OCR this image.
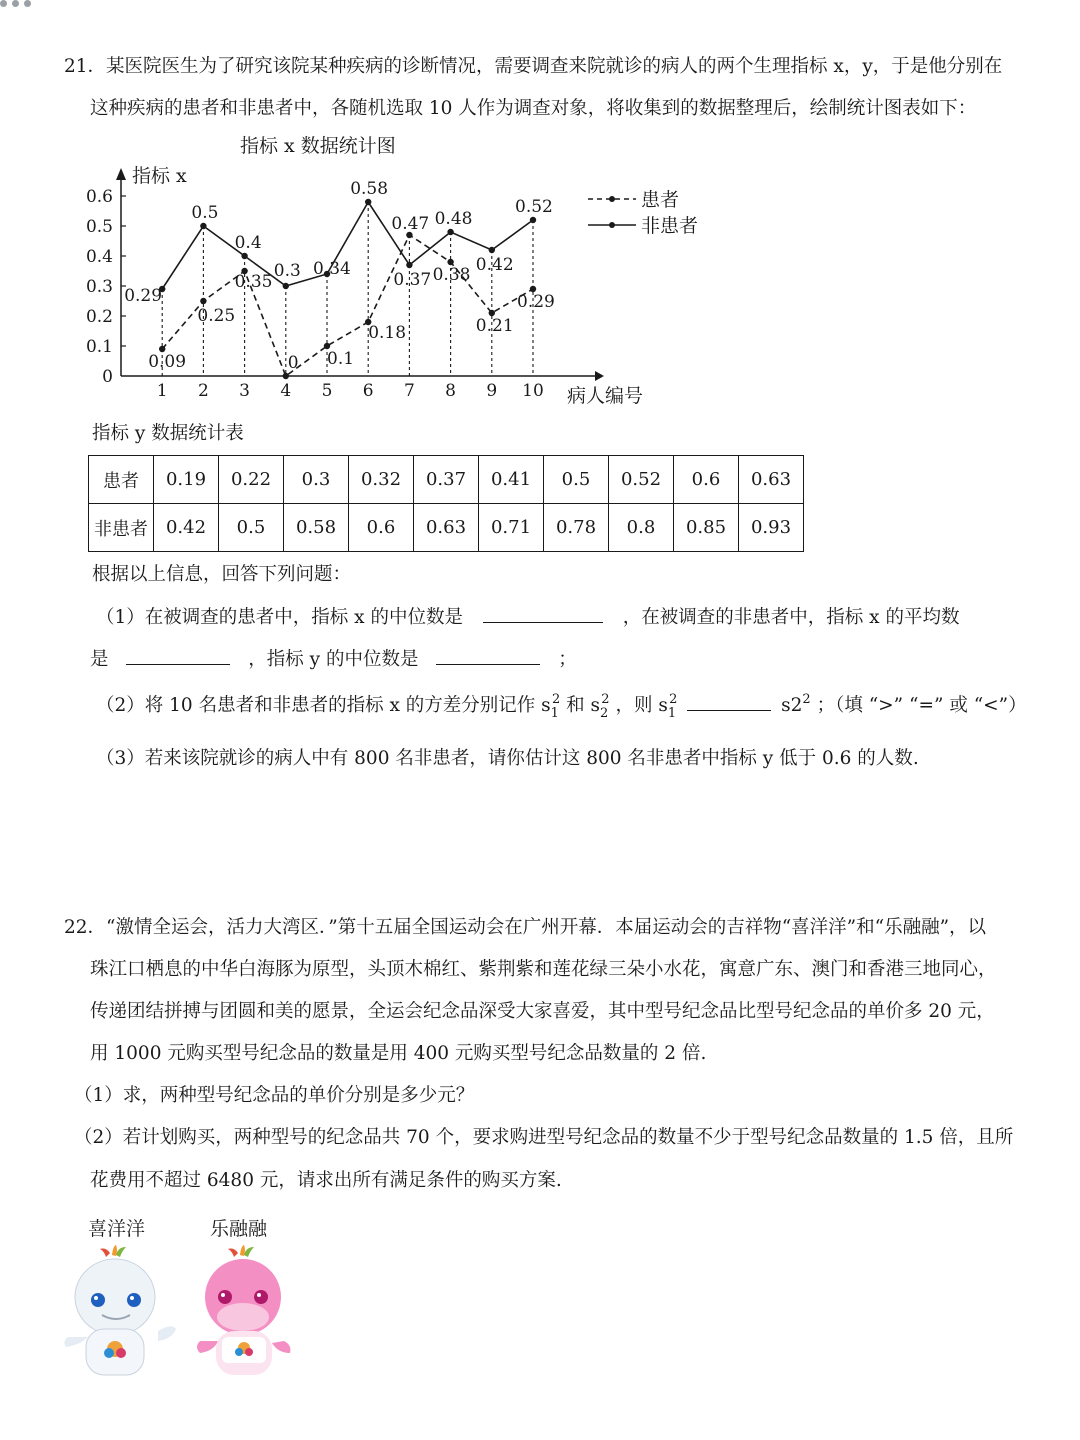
21．某医院医生为了研究该院某种疾病的诊断情况，需要调查来院就诊的病人的两个生理指标 x，y，于是他分别在
这种疾病的患者和非患者中，各随机选取 10 人作为调查对象，将收集到的数据整理后，绘制统计图表如下：
指标 x 数据统计图
指标 x
病人编号
0
0.1
0.2
0.3
0.4
0.5
0.6
1 2 3 4 5 6 7 8 9 10
0.09
0.25
0.35
0 0.1
0.18
0.47
0.38
0.21
0.29
0.29
0.5
0.4
0.3 0.34
0.58
0.37
0.48
0.42
0.52	患者
非患者
指标 y 数据统计表
患者	0.19	0.22	0.3	0.32	0.37	0.41	0.5	0.52	0.6	0.63
非患者	0.42	0.5	0.58	0.6	0.63	0.71	0.78	0.8	0.85	0.93
根据以上信息，回答下列问题：
（1）在被调查的患者中，指标 x 的中位数是	，在被调查的非患者中，指标 x 的平均数
是	，指标 y 的中位数是	；
（2）将 10 名患者和非患者的指标 x 的方差分别记作 $s_1^2$ 和 $s_2^2$ ，则 $s_1^2$	$s2^2$ ；（填 “>” “=” 或 “<”）
（3）若来该院就诊的病人中有 800 名非患者，请你估计这 800 名非患者中指标 y 低于 0.6 的人数.
22．“激情全运会，活力大湾区．”第十五届全国运动会在广州开幕．本届运动会的吉祥物“喜洋洋”和“乐融融”，以
珠江口栖息的中华白海豚为原型，头顶木棉红、紫荆紫和莲花绿三朵小水花，寓意广东、澳门和香港三地同心，
传递团结拼搏与团圆和美的愿景，全运会纪念品深受大家喜爱，其中型号纪念品比型号纪念品的单价多 20 元，
用 1000 元购买型号纪念品的数量是用 400 元购买型号纪念品数量的 2 倍.
（1）求，两种型号纪念品的单价分别是多少元？
（2）若计划购买，两种型号的纪念品共 70 个，要求购进型号纪念品的数量不少于型号纪念品数量的 1.5 倍，且所
花费用不超过 6480 元，请求出所有满足条件的购买方案.
喜洋洋	乐融融
